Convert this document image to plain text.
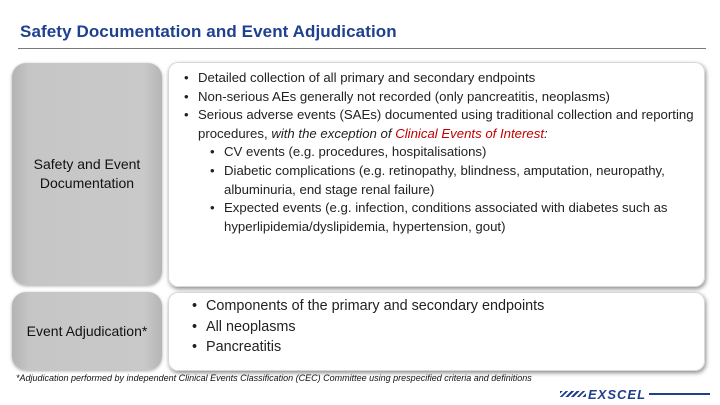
Safety Documentation and Event Adjudication
Safety and Event Documentation
• Detailed collection of all primary and secondary endpoints
• Non-serious AEs generally not recorded (only pancreatitis, neoplasms)
• Serious adverse events (SAEs) documented using traditional collection and reporting procedures, with the exception of Clinical Events of Interest:
• CV events (e.g. procedures, hospitalisations)
• Diabetic complications (e.g. retinopathy, blindness, amputation, neuropathy, albuminuria, end stage renal failure)
• Expected events (e.g. infection, conditions associated with diabetes such as hyperlipidemia/dyslipidemia, hypertension, gout)
Event Adjudication*
• Components of the primary and secondary endpoints
• All neoplasms
• Pancreatitis
*Adjudication performed by independent Clinical Events Classification (CEC) Committee using prespecified criteria and definitions
EXSCEL
